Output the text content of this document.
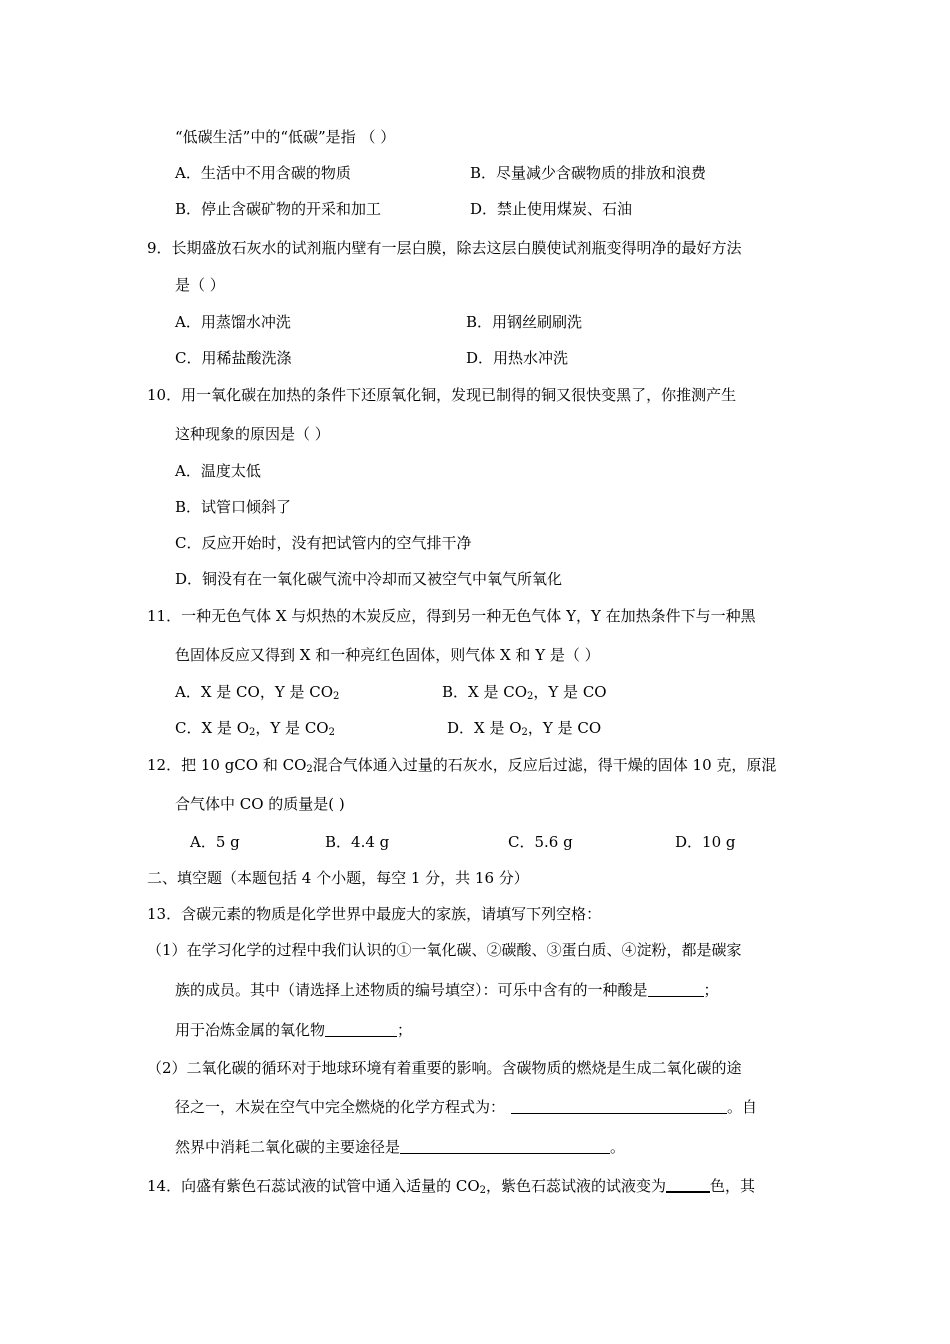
“低碳生活”中的“低碳”是指 （ ）
A．生活中不用含碳的物质	B．尽量减少含碳物质的排放和浪费
B．停止含碳矿物的开采和加工	D．禁止使用煤炭、石油
9．长期盛放石灰水的试剂瓶内壁有一层白膜，除去这层白膜使试剂瓶变得明净的最好方法
是（ ）
A．用蒸馏水冲洗	B．用钢丝刷刷洗
C．用稀盐酸洗涤	D．用热水冲洗
10．用一氧化碳在加热的条件下还原氧化铜，发现已制得的铜又很快变黑了，你推测产生
这种现象的原因是（ ）
A．温度太低
B．试管口倾斜了
C．反应开始时，没有把试管内的空气排干净
D．铜没有在一氧化碳气流中冷却而又被空气中氧气所氧化
11．一种无色气体 X 与炽热的木炭反应，得到另一种无色气体 Y，Y 在加热条件下与一种黑
色固体反应又得到 X 和一种亮红色固体，则气体 X 和 Y 是（ ）
A．X 是 CO，Y 是 $CO_2$	B．X 是 $CO_2$，Y 是 CO
C．X 是 $O_2$，Y 是 $CO_2$	D．X 是 $O_2$，Y 是 CO
12．把 10 gCO 和 $CO_2$混合气体通入过量的石灰水，反应后过滤，得干燥的固体 10 克，原混
合气体中 CO 的质量是( )
A．5 g	B．4.4 g	C．5.6 g	D．10 g
二、填空题（本题包括 4 个小题，每空 1 分，共 16 分）
13．含碳元素的物质是化学世界中最庞大的家族，请填写下列空格：
（1）在学习化学的过程中我们认识的①一氧化碳、②碳酸、③蛋白质、④淀粉，都是碳家
族的成员。其中（请选择上述物质的编号填空）：可乐中含有的一种酸是	；
用于冶炼金属的氧化物	；
（2）二氧化碳的循环对于地球环境有着重要的影响。含碳物质的燃烧是生成二氧化碳的途
径之一，木炭在空气中完全燃烧的化学方程式为：	。自
然界中消耗二氧化碳的主要途径是	。
14．向盛有紫色石蕊试液的试管中通入适量的 $CO_2$，紫色石蕊试液的试液变为	色，其
